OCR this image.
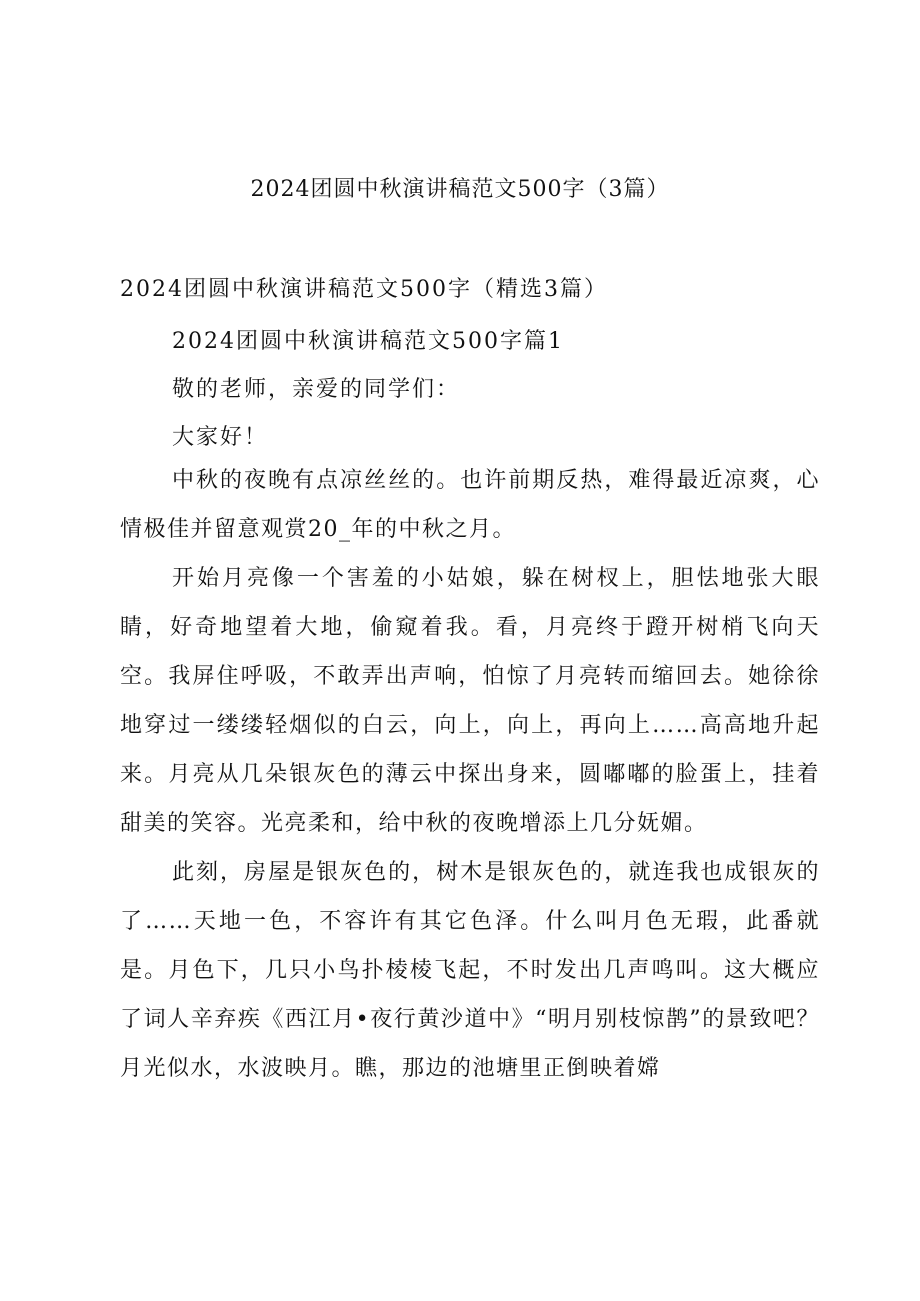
2024团圆中秋演讲稿范文500字（3篇）
2024团圆中秋演讲稿范文500字（精选3篇）
2024团圆中秋演讲稿范文500字篇1
敬的老师，亲爱的同学们：
大家好！

中秋的夜晚有点凉丝丝的。也许前期反热，难得最近凉爽，心情极佳并留意观赏20_年的中秋之月。

开始月亮像一个害羞的小姑娘，躲在树杈上，胆怯地张大眼睛，好奇地望着大地，偷窥着我。看，月亮终于蹬开树梢飞向天空。我屏住呼吸，不敢弄出声响，怕惊了月亮转而缩回去。她徐徐地穿过一缕缕轻烟似的白云，向上，向上，再向上……高高地升起来。月亮从几朵银灰色的薄云中探出身来，圆嘟嘟的脸蛋上，挂着甜美的笑容。光亮柔和，给中秋的夜晚增添上几分妩媚。

此刻，房屋是银灰色的，树木是银灰色的，就连我也成银灰的了……天地一色，不容许有其它色泽。什么叫月色无瑕，此番就是。月色下，几只小鸟扑棱棱飞起，不时发出几声鸣叫。这大概应了词人辛弃疾《西江月•夜行黄沙道中》“明月别枝惊鹊”的景致吧？月光似水，水波映月。瞧，那边的池塘里正倒映着嫦
